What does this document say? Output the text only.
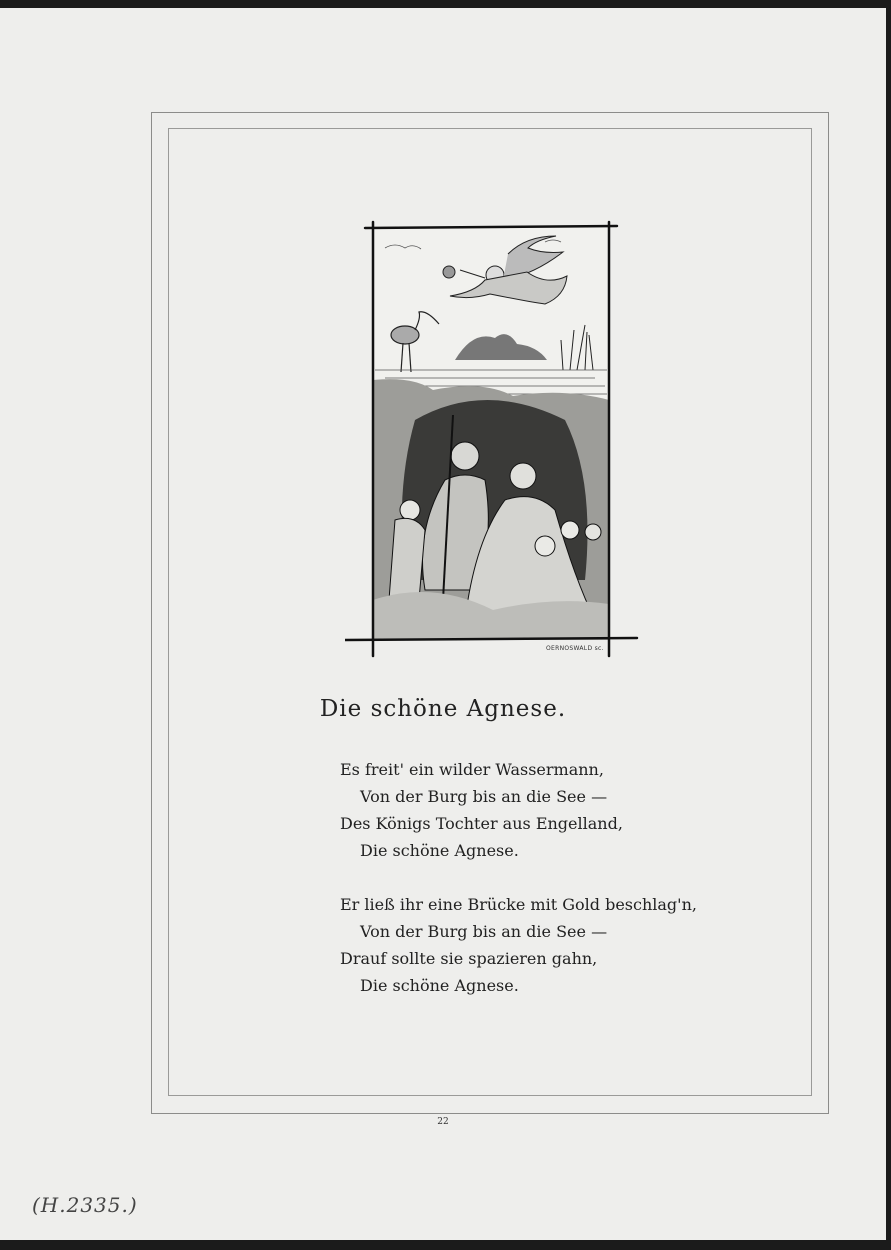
OERNOSWALD sc.
Die schöne Agnese.
Es freit' ein wilder Wassermann,
Von der Burg bis an die See —
Des Königs Tochter aus Engelland,
Die schöne Agnese.
Er ließ ihr eine Brücke mit Gold beschlag'n,
Von der Burg bis an die See —
Drauf sollte sie spazieren gahn,
Die schöne Agnese.
22
(H.2335.)
